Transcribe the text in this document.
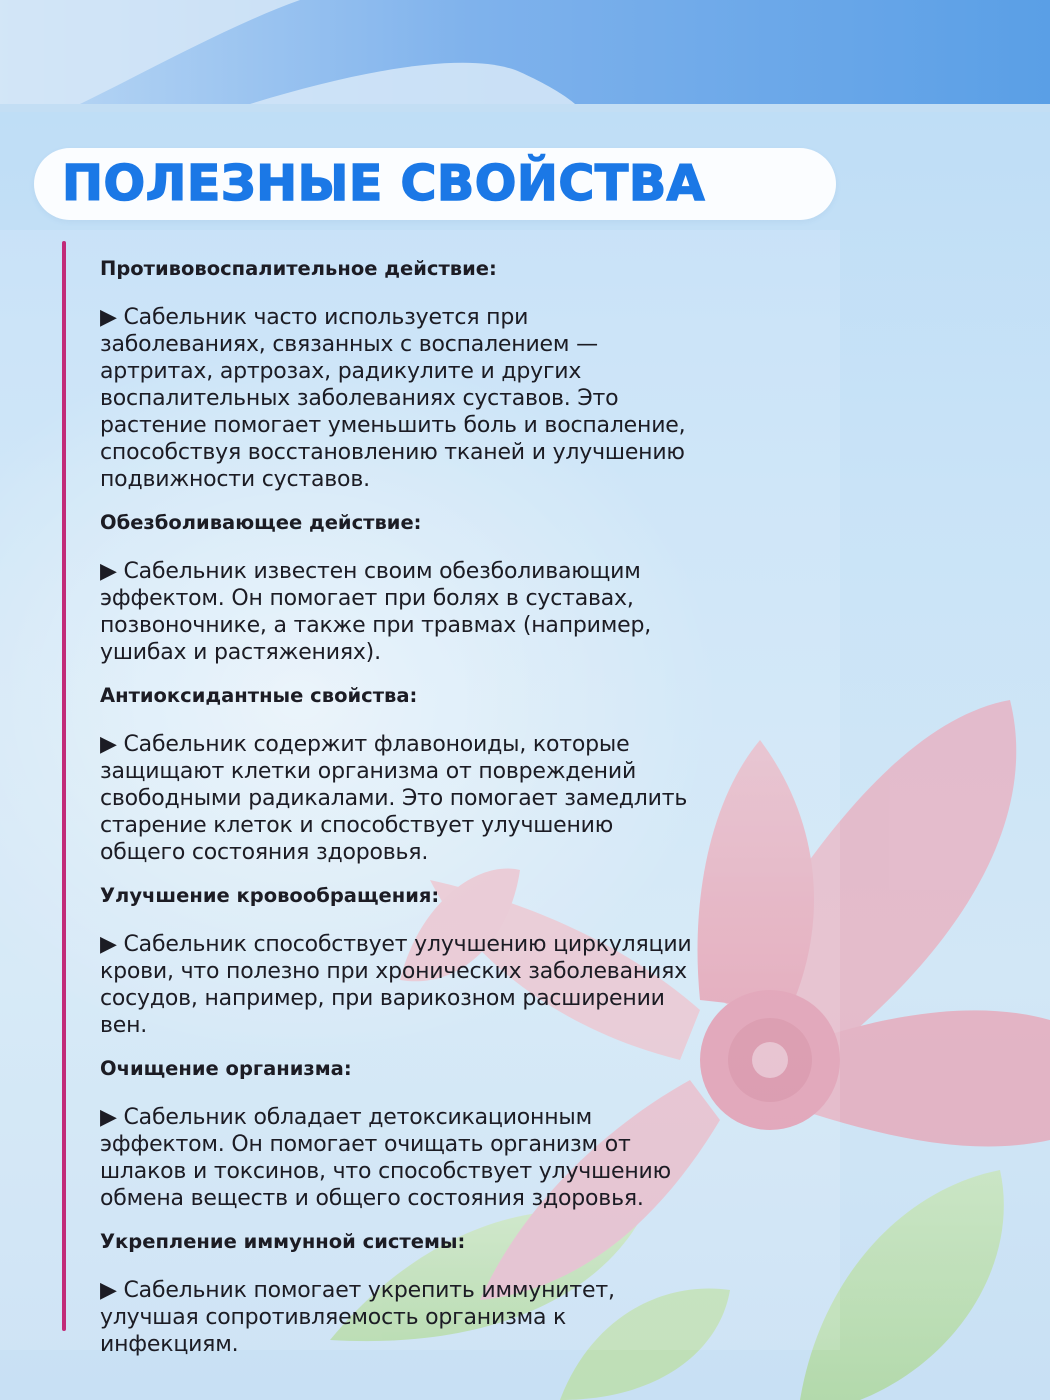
ПОЛЕЗНЫЕ СВОЙСТВА
Противовоспалительное действие:

▶ Сабельник часто используется при
заболеваниях, связанных с воспалением —
артритах, артрозах, радикулите и других
воспалительных заболеваниях суставов. Это
растение помогает уменьшить боль и воспаление,
способствуя восстановлению тканей и улучшению
подвижности суставов.

Обезболивающее действие:

▶ Сабельник известен своим обезболивающим
эффектом. Он помогает при болях в суставах,
позвоночнике, а также при травмах (например,
ушибах и растяжениях).

Антиоксидантные свойства:

▶ Сабельник содержит флавоноиды, которые
защищают клетки организма от повреждений
свободными радикалами. Это помогает замедлить
старение клеток и способствует улучшению
общего состояния здоровья.

Улучшение кровообращения:

▶ Сабельник способствует улучшению циркуляции
крови, что полезно при хронических заболеваниях
сосудов, например, при варикозном расширении
вен.

Очищение организма:

▶ Сабельник обладает детоксикационным
эффектом. Он помогает очищать организм от
шлаков и токсинов, что способствует улучшению
обмена веществ и общего состояния здоровья.

Укрепление иммунной системы:

▶ Сабельник помогает укрепить иммунитет,
улучшая сопротивляемость организма к
инфекциям.
